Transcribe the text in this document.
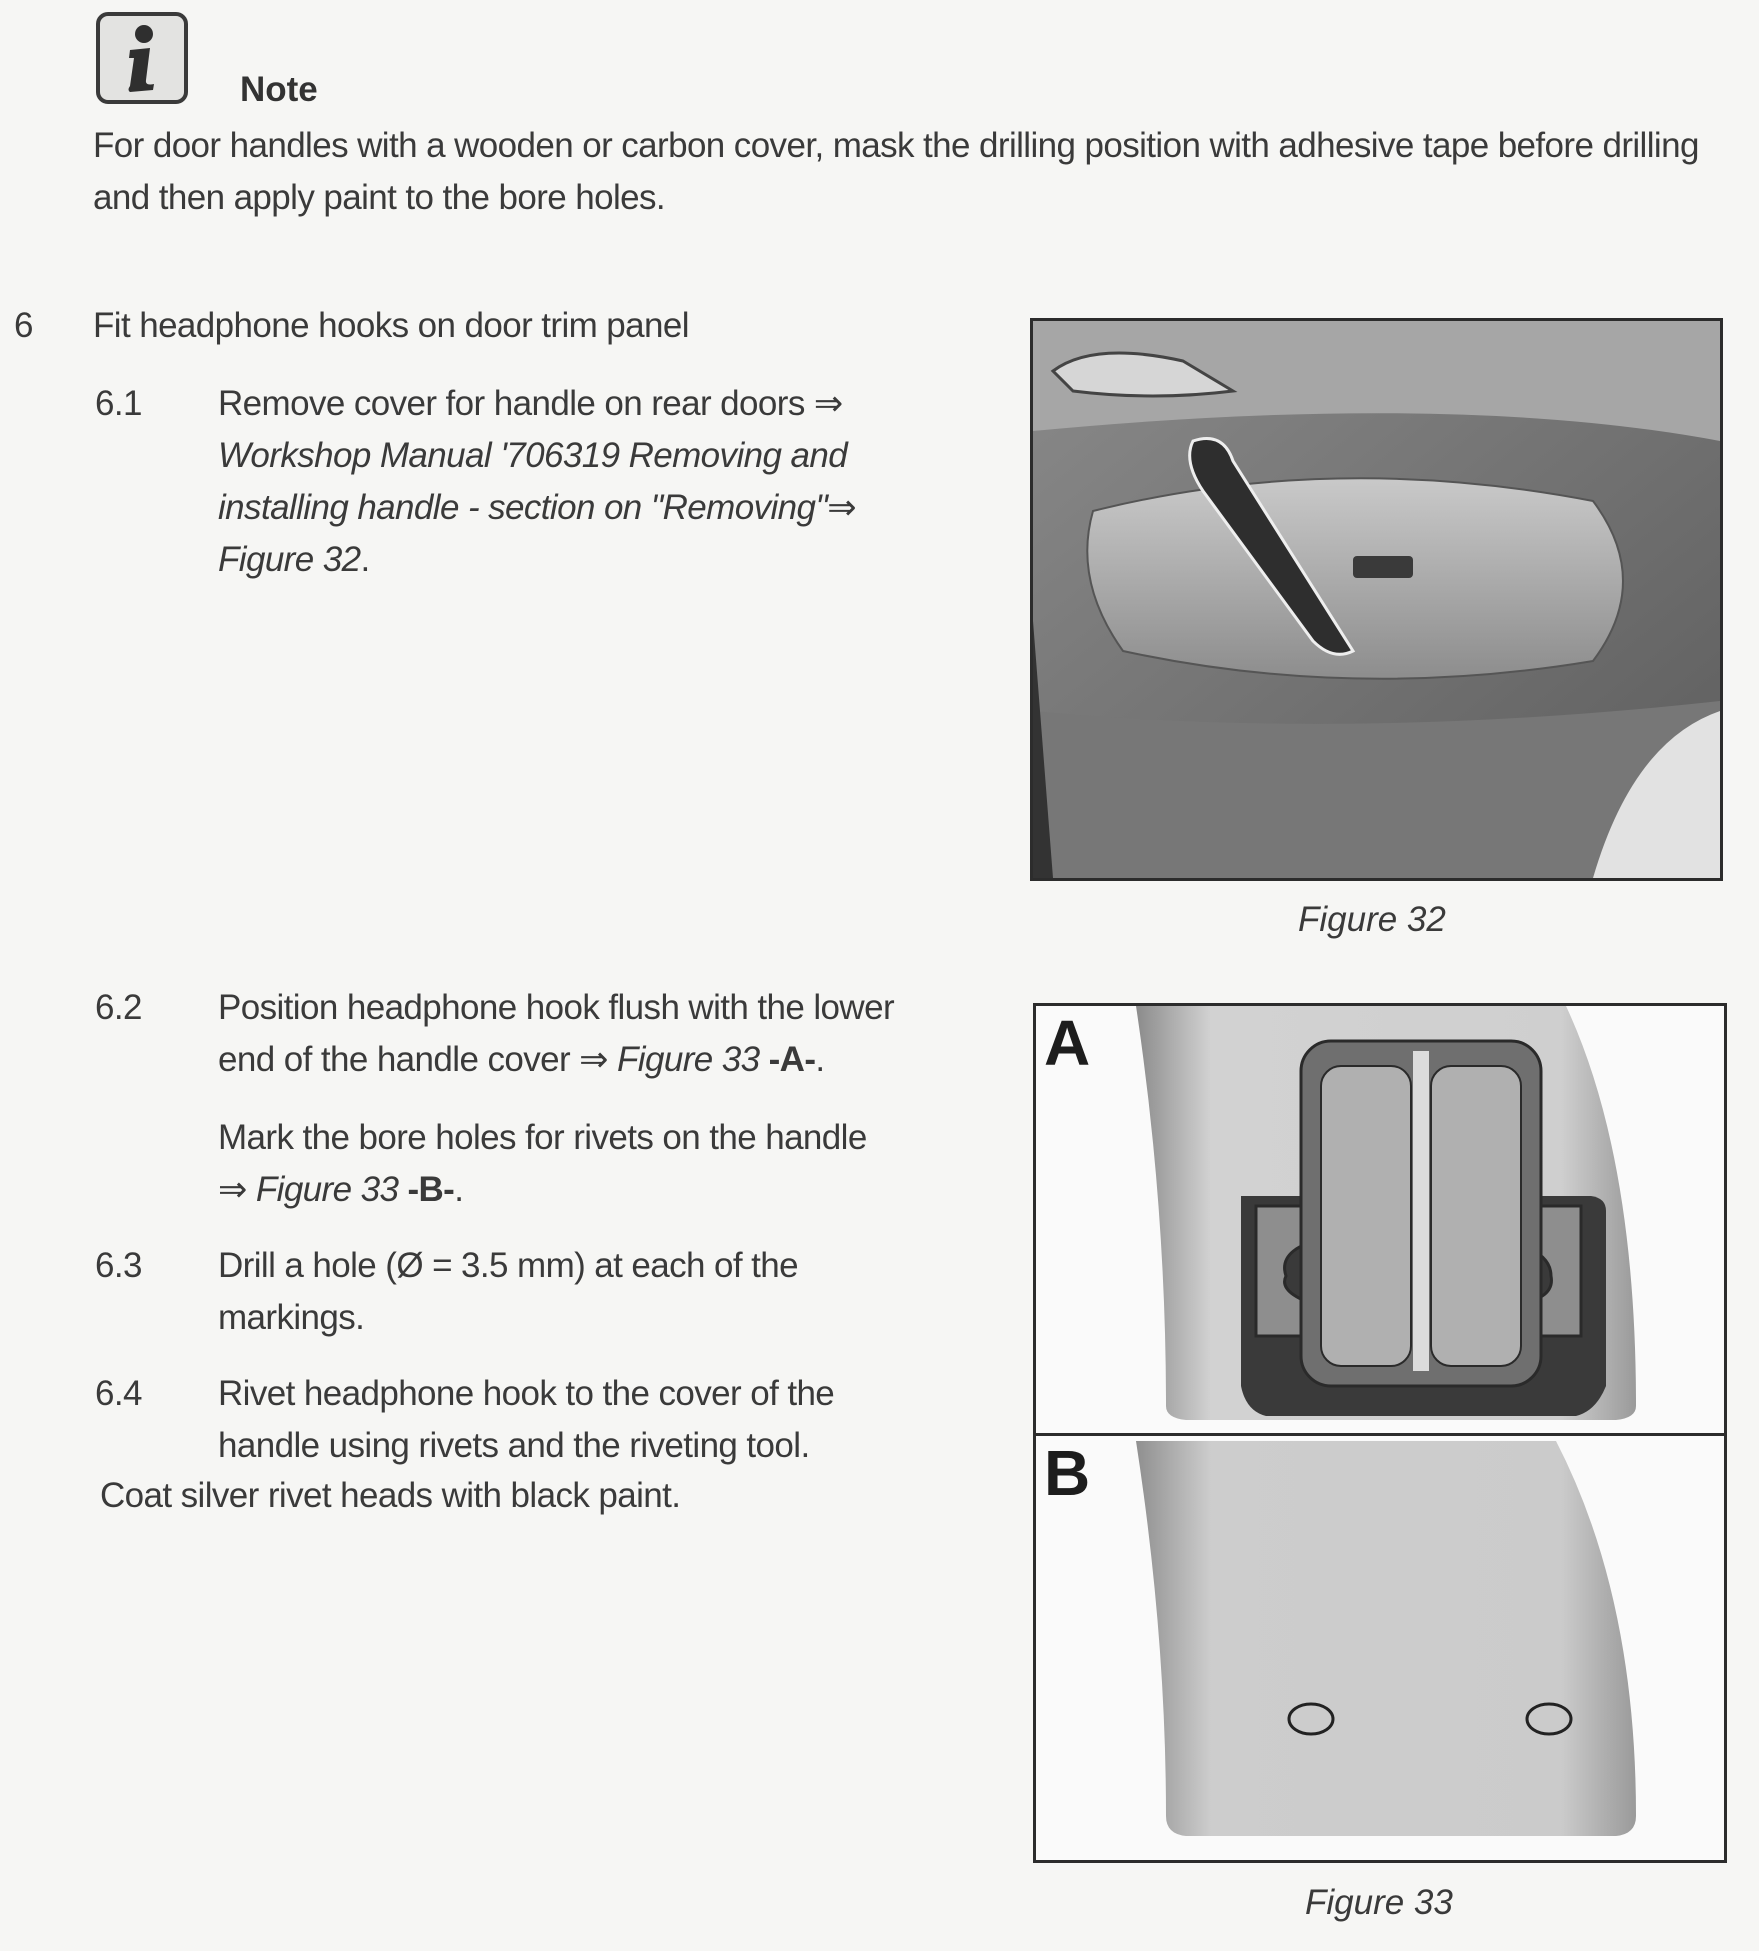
Note
For door handles with a wooden or carbon cover, mask the drilling position with adhesive tape before drilling and then apply paint to the bore holes.
6 Fit headphone hooks on door trim panel
6.1 Remove cover for handle on rear doors ⇒ Workshop Manual '706319 Removing and installing handle - section on "Removing"⇒ Figure 32.
6.2 Position headphone hook flush with the lower end of the handle cover ⇒ Figure 33 -A-.
Mark the bore holes for rivets on the handle
⇒ Figure 33 -B-.
6.3 Drill a hole (Ø = 3.5 mm) at each of the markings.
6.4 Rivet headphone hook to the cover of the handle using rivets and the riveting tool.
Coat silver rivet heads with black paint.
Figure 32
A
B
Figure 33
